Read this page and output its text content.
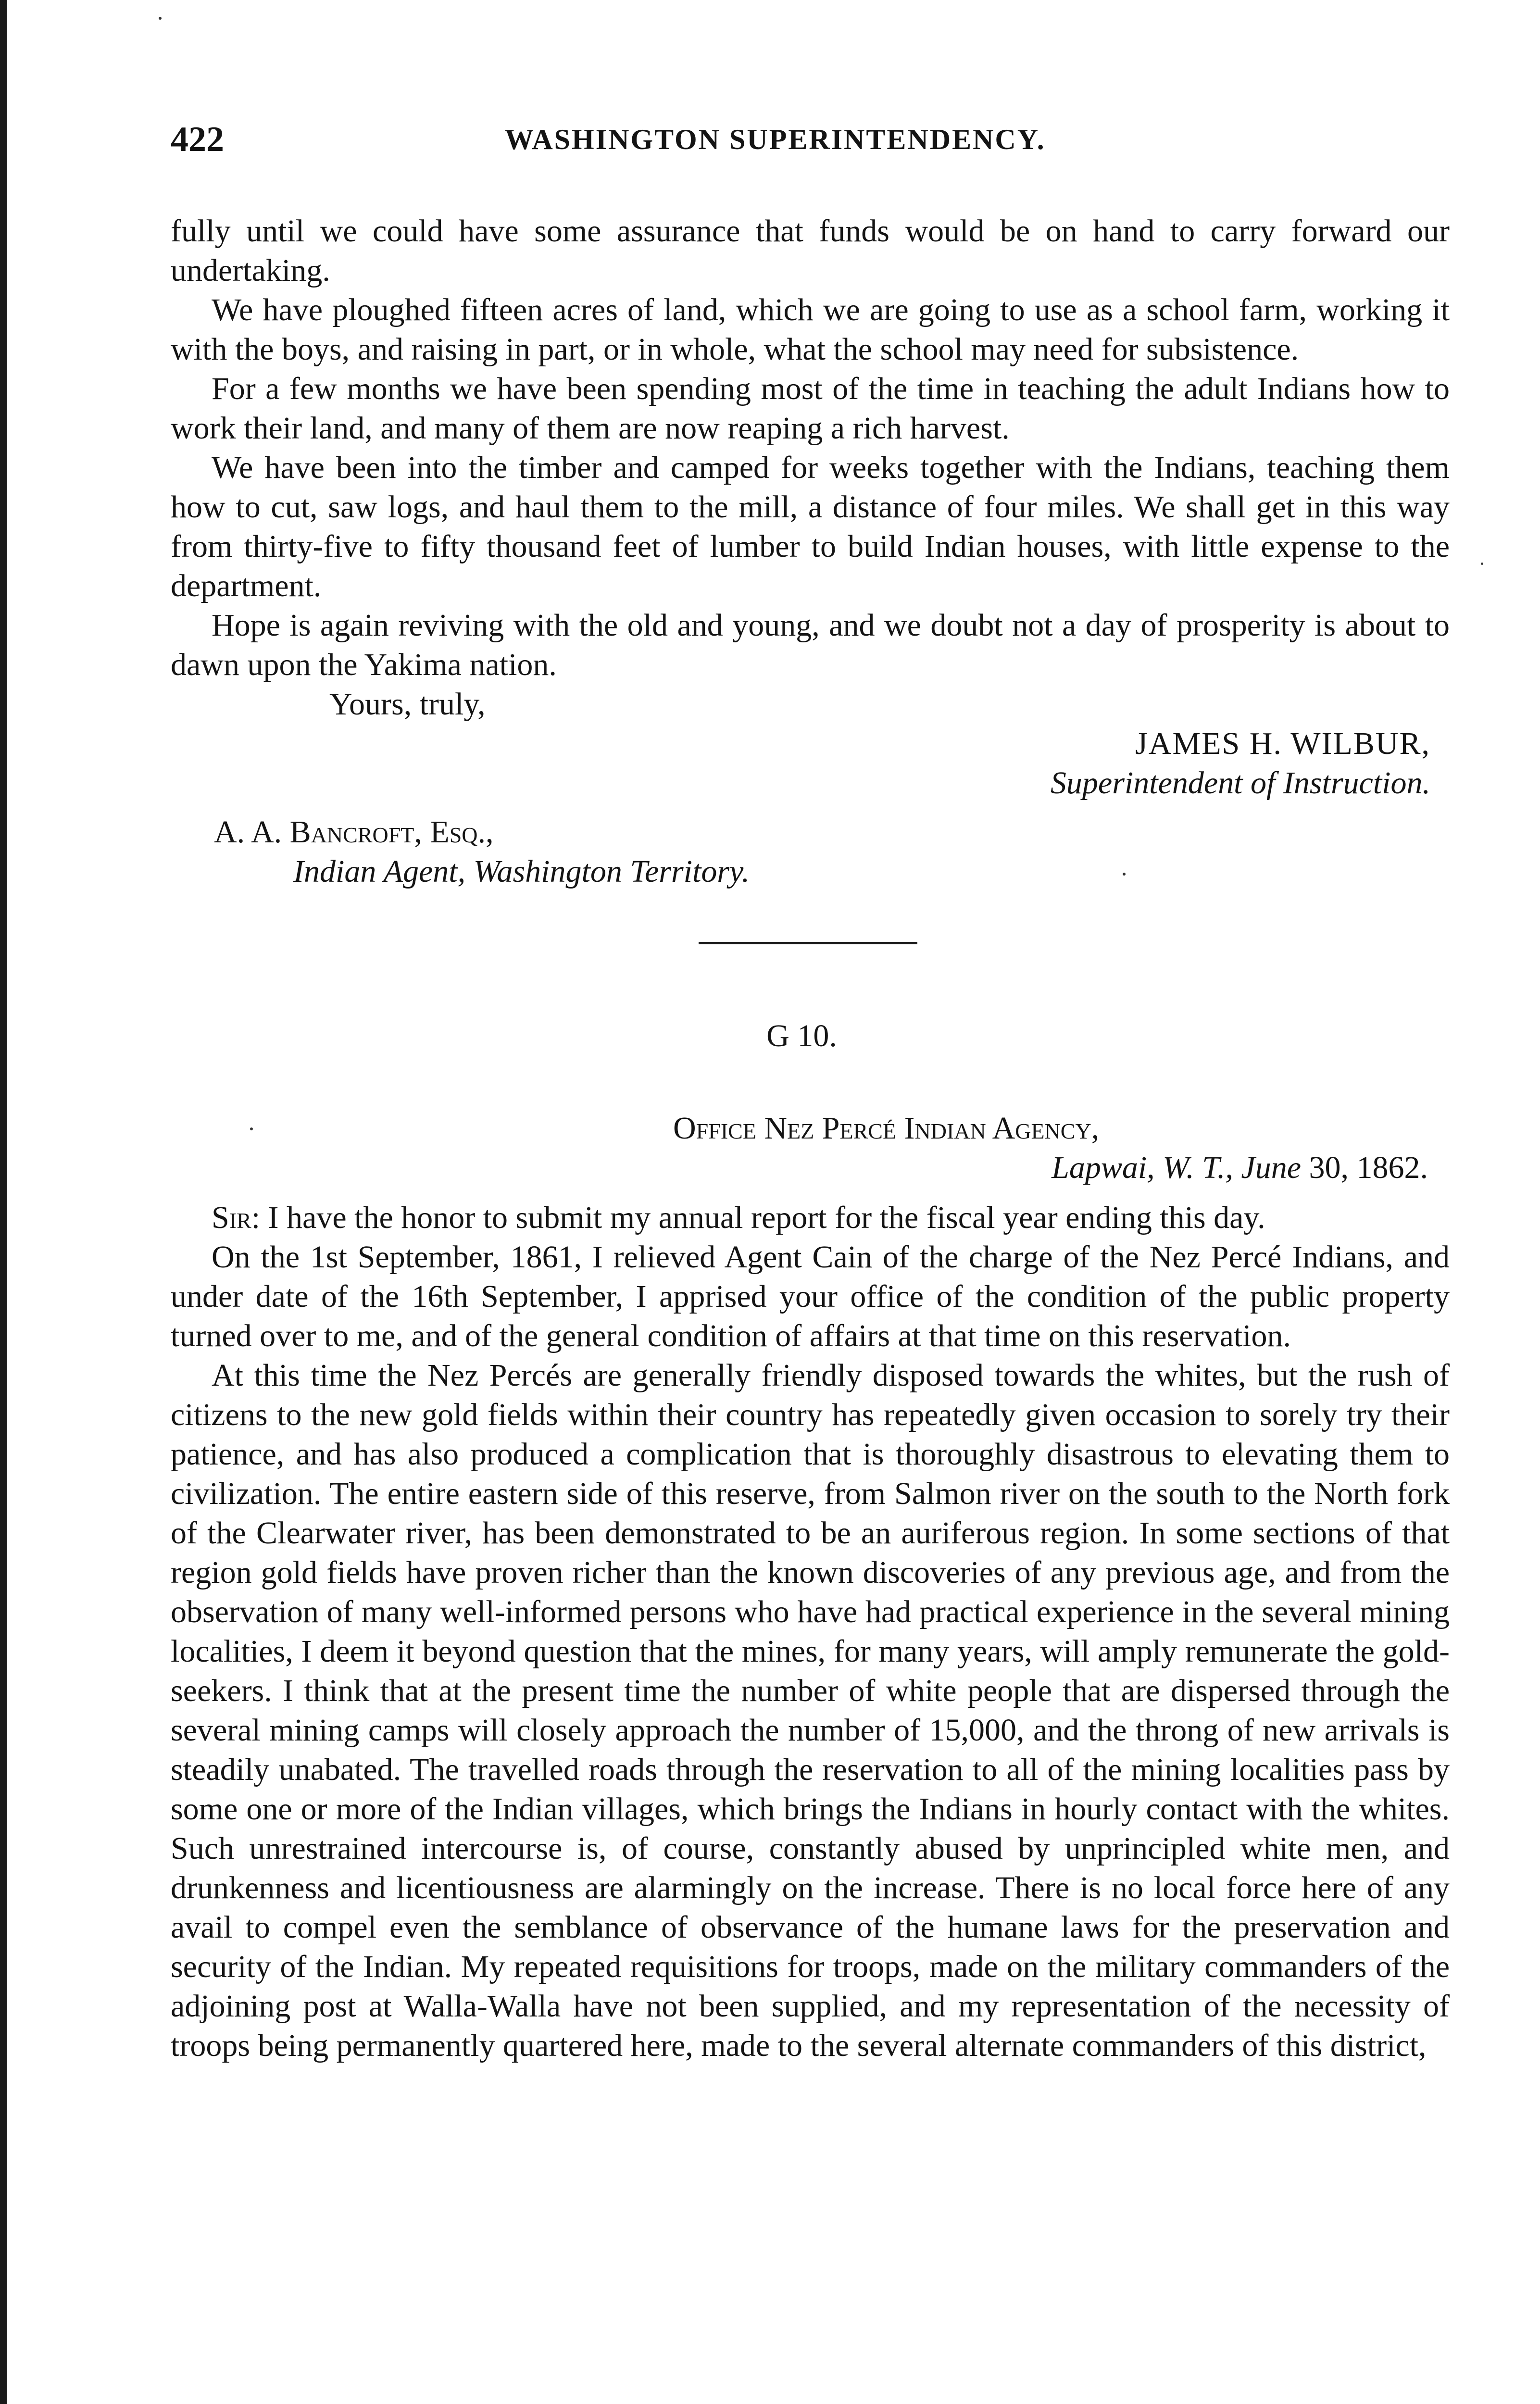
422	WASHINGTON SUPERINTENDENCY.

fully until we could have some assurance that funds would be on hand to carry forward our undertaking.

We have ploughed fifteen acres of land, which we are going to use as a school farm, working it with the boys, and raising in part, or in whole, what the school may need for subsistence.

For a few months we have been spending most of the time in teaching the adult Indians how to work their land, and many of them are now reaping a rich harvest.

We have been into the timber and camped for weeks together with the Indians, teaching them how to cut, saw logs, and haul them to the mill, a distance of four miles. We shall get in this way from thirty-five to fifty thousand feet of lumber to build Indian houses, with little expense to the department.

Hope is again reviving with the old and young, and we doubt not a day of prosperity is about to dawn upon the Yakima nation.

Yours, truly,
JAMES H. WILBUR,
Superintendent of Instruction.
A. A. Bancroft, Esq.,
Indian Agent, Washington Territory.
G 10.
Office Nez Percé Indian Agency,
Lapwai, W. T., June 30, 1862.

Sir: I have the honor to submit my annual report for the fiscal year ending this day.

On the 1st September, 1861, I relieved Agent Cain of the charge of the Nez Percé Indians, and under date of the 16th September, I apprised your office of the condition of the public property turned over to me, and of the general condition of affairs at that time on this reservation.

At this time the Nez Percés are generally friendly disposed towards the whites, but the rush of citizens to the new gold fields within their country has repeatedly given occasion to sorely try their patience, and has also produced a complication that is thoroughly disastrous to elevating them to civilization. The entire eastern side of this reserve, from Salmon river on the south to the North fork of the Clearwater river, has been demonstrated to be an auriferous region. In some sections of that region gold fields have proven richer than the known discoveries of any previous age, and from the observation of many well-informed persons who have had practical experience in the several mining localities, I deem it beyond question that the mines, for many years, will amply remunerate the gold-seekers. I think that at the present time the number of white people that are dispersed through the several mining camps will closely approach the number of 15,000, and the throng of new arrivals is steadily unabated. The travelled roads through the reservation to all of the mining localities pass by some one or more of the Indian villages, which brings the Indians in hourly contact with the whites. Such unrestrained intercourse is, of course, constantly abused by unprincipled white men, and drunkenness and licentiousness are alarmingly on the increase. There is no local force here of any avail to compel even the semblance of observance of the humane laws for the preservation and security of the Indian. My repeated requisitions for troops, made on the military commanders of the adjoining post at Walla-Walla have not been supplied, and my representation of the necessity of troops being permanently quartered here, made to the several alternate commanders of this district,
